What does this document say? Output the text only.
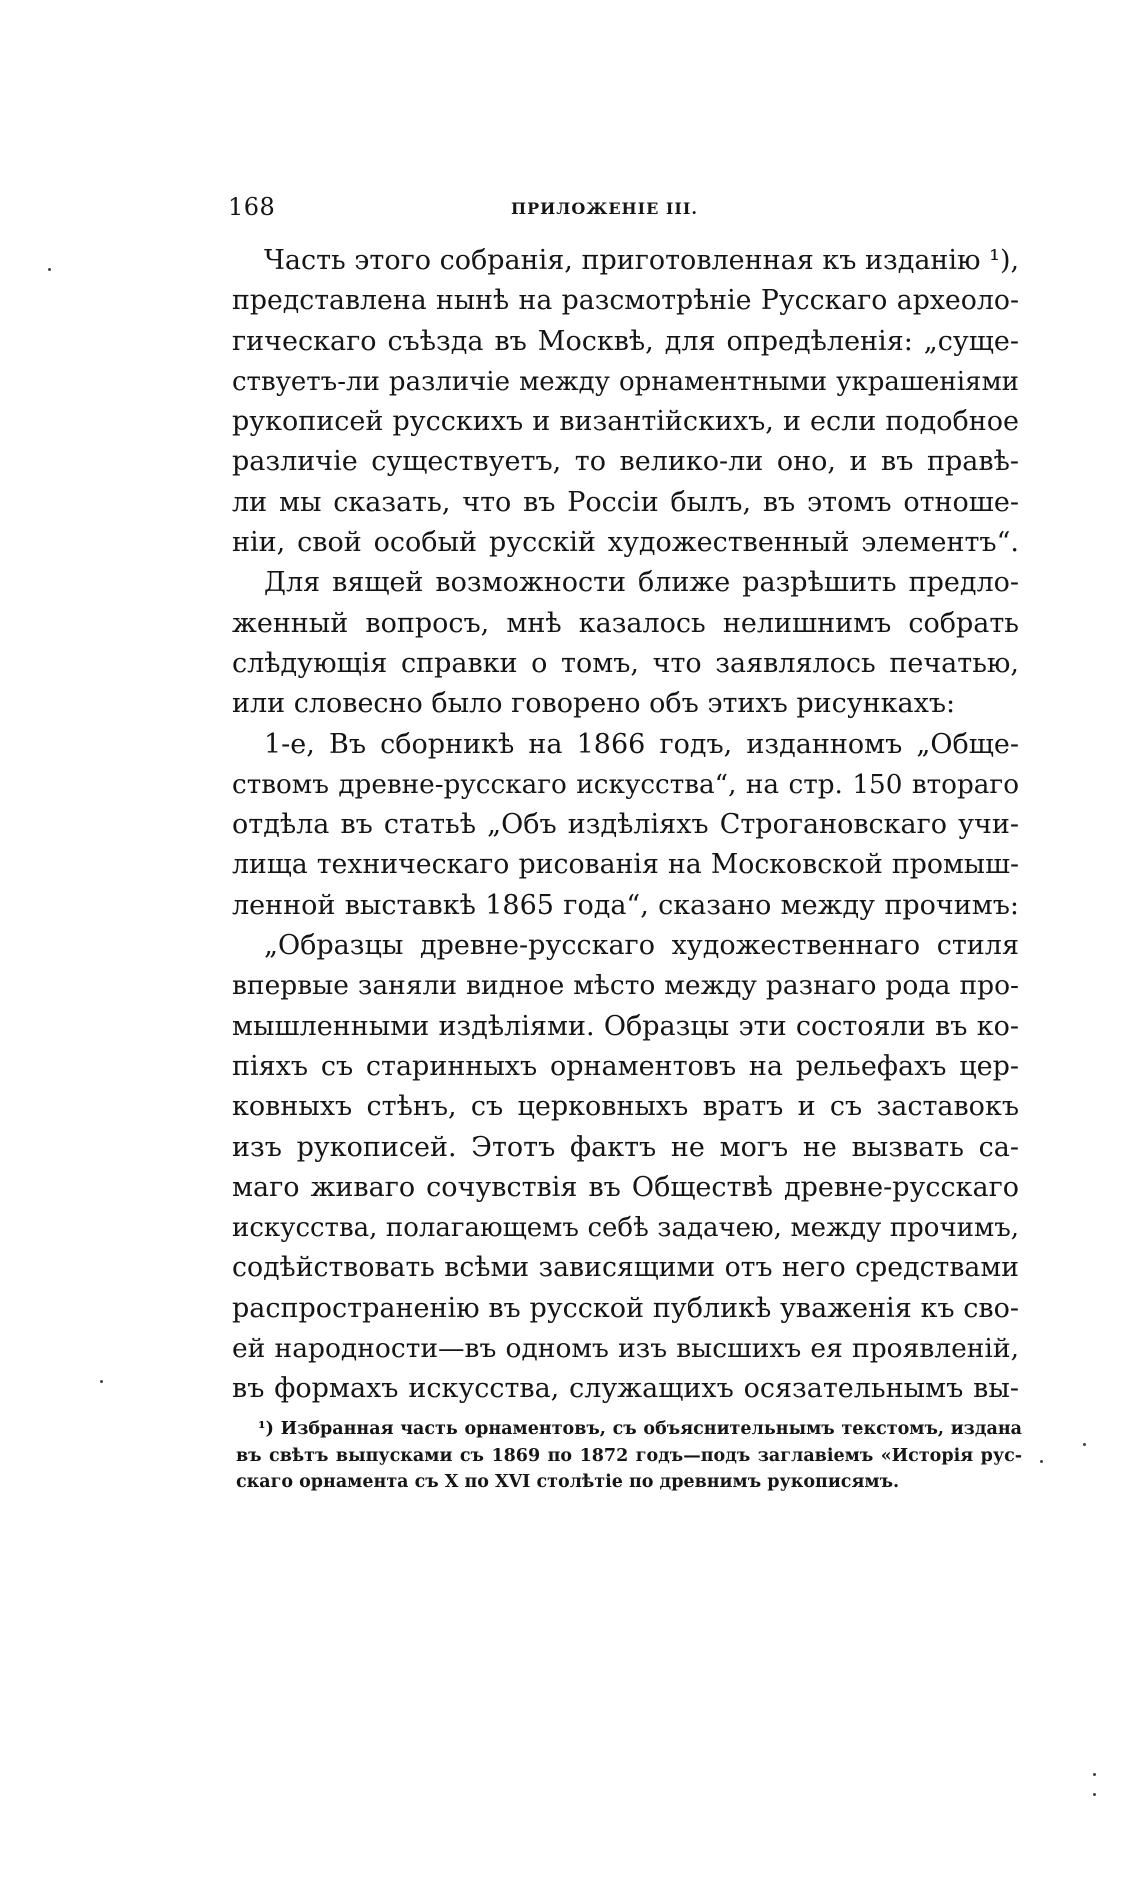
168	ПРИЛОЖЕНІЕ III.
Часть этого собранія, приготовленная къ изданію ¹),
представлена нынѣ на разсмотрѣніе Русскаго археоло-
гическаго съѣзда въ Москвѣ, для опредѣленія: „суще-
ствуетъ-ли различіе между орнаментными украшеніями
рукописей русскихъ и византійскихъ, и если подобное
различіе существуетъ, то велико-ли оно, и въ правѣ-
ли мы сказать, что въ Россіи былъ, въ этомъ отноше-
ніи, свой особый русскій художественный элементъ“.
Для вящей возможности ближе разрѣшить предло-
женный вопросъ, мнѣ казалось нелишнимъ собрать
слѣдующія справки о томъ, что заявлялось печатью,
или словесно было говорено объ этихъ рисункахъ:
1-е, Въ сборникѣ на 1866 годъ, изданномъ „Обще-
ствомъ древне-русскаго искусства“, на стр. 150 втораго
отдѣла въ статьѣ „Объ издѣліяхъ Строгановскаго учи-
лища техническаго рисованія на Московской промыш-
ленной выставкѣ 1865 года“, сказано между прочимъ:
„Образцы древне-русскаго художественнаго стиля
впервые заняли видное мѣсто между разнаго рода про-
мышленными издѣліями. Образцы эти состояли въ ко-
піяхъ съ старинныхъ орнаментовъ на рельефахъ цер-
ковныхъ стѣнъ, съ церковныхъ вратъ и съ заставокъ
изъ рукописей. Этотъ фактъ не могъ не вызвать са-
маго живаго сочувствія въ Обществѣ древне-русскаго
искусства, полагающемъ себѣ задачею, между прочимъ,
содѣйствовать всѣми зависящими отъ него средствами
распространенію въ русской публикѣ уваженія къ сво-
ей народности—въ одномъ изъ высшихъ ея проявленій,
въ формахъ искусства, служащихъ осязательнымъ вы-
¹) Избранная часть орнаментовъ, съ объяснительнымъ текстомъ, издана
въ свѣтъ выпусками съ 1869 по 1872 годъ—подъ заглавіемъ «Исторія рус-
скаго орнамента съ X по XVI столѣтіе по древнимъ рукописямъ.
